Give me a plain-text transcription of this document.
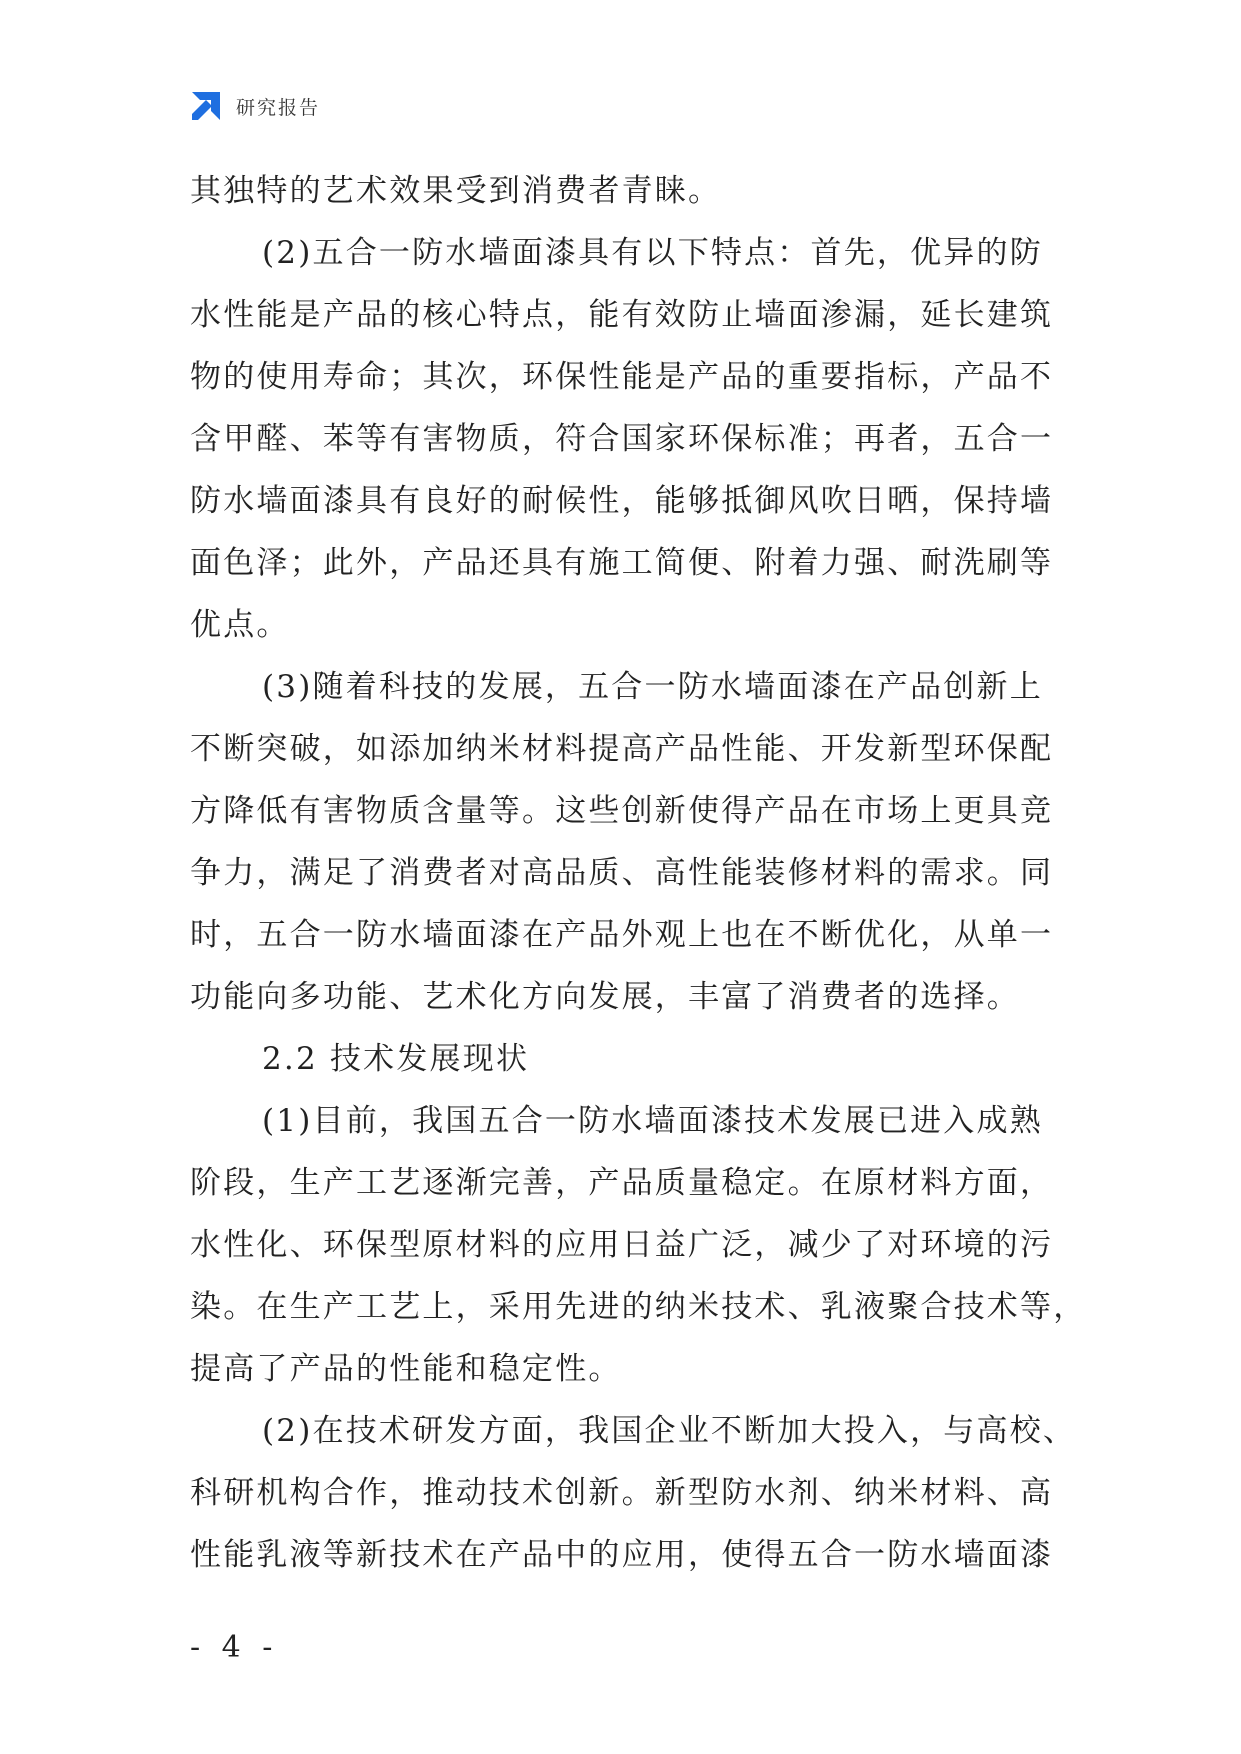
研究报告
其独特的艺术效果受到消费者青睐。
(2)五合一防水墙面漆具有以下特点：首先，优异的防
水性能是产品的核心特点，能有效防止墙面渗漏，延长建筑
物的使用寿命；其次，环保性能是产品的重要指标，产品不
含甲醛、苯等有害物质，符合国家环保标准；再者，五合一
防水墙面漆具有良好的耐候性，能够抵御风吹日晒，保持墙
面色泽；此外，产品还具有施工简便、附着力强、耐洗刷等
优点。
(3)随着科技的发展，五合一防水墙面漆在产品创新上
不断突破，如添加纳米材料提高产品性能、开发新型环保配
方降低有害物质含量等。这些创新使得产品在市场上更具竞
争力，满足了消费者对高品质、高性能装修材料的需求。同
时，五合一防水墙面漆在产品外观上也在不断优化，从单一
功能向多功能、艺术化方向发展，丰富了消费者的选择。
2.2 技术发展现状
(1)目前，我国五合一防水墙面漆技术发展已进入成熟
阶段，生产工艺逐渐完善，产品质量稳定。在原材料方面，
水性化、环保型原材料的应用日益广泛，减少了对环境的污
染。在生产工艺上，采用先进的纳米技术、乳液聚合技术等，
提高了产品的性能和稳定性。
(2)在技术研发方面，我国企业不断加大投入，与高校、
科研机构合作，推动技术创新。新型防水剂、纳米材料、高
性能乳液等新技术在产品中的应用，使得五合一防水墙面漆
- 4 -
